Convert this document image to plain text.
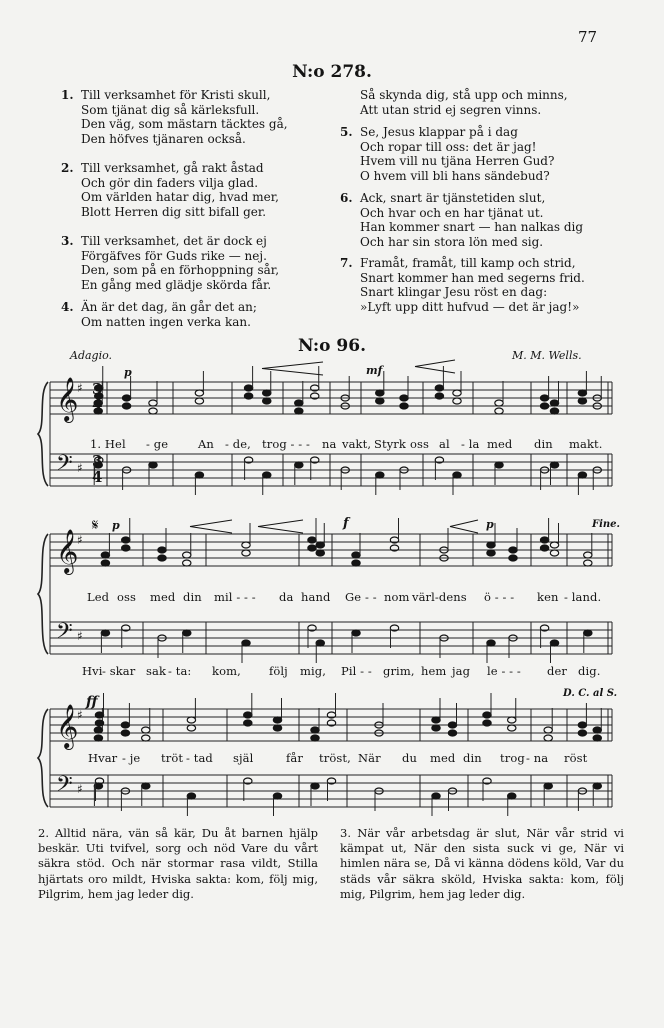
77
N:o 278.
1. Till verksamhet för Kristi skull,
Som tjänat dig så kärleksfull.
Den väg, som mästarn täcktes gå,
Den höfves tjänaren också.
2. Till verksamhet, gå rakt åstad
Och gör din faders vilja glad.
Om världen hatar dig, hvad mer,
Blott Herren dig sitt bifall ger.
3. Till verksamhet, det är dock ej
Förgäfves för Guds rike — nej.
Den, som på en förhoppning sår,
En gång med glädje skörda får.
4. Än är det dag, än går det an;
Om natten ingen verka kan.
Så skynda dig, stå upp och minns,
Att utan strid ej segren vinns.
5. Se, Jesus klappar på i dag
Och ropar till oss: det är jag!
Hvem vill nu tjäna Herren Gud?
O hvem vill bli hans sändebud?
6. Ack, snart är tjänstetiden slut,
Och hvar och en har tjänat ut.
Han kommer snart — han nalkas dig
Och har sin stora lön med sig.
7. Framåt, framåt, till kamp och strid,
Snart kommer han med segerns frid.
Snart klingar Jesu röst en dag:
»Lyft upp ditt hufvud — det är jag!»
N:o 96.
Adagio.	M. M. Wells.
p	mf
𝄋 p	f	p	Fine.
ff
D. C. al S.
𝄞
♯
𝄢 ♯
𝄞
♯
𝄢 ♯
𝄞
♯
𝄢 ♯
3
4
3
4
1. Hel - ge	An - de, trog - - - na vakt, Styrk oss al - la med din makt.
Led oss med din mil - - - da hand Ge - - nom värl-dens ö - - - ken - land.
Hvi - skar sak - ta: kom, följ mig, Pil - - grim, hem jag le - - - der dig.
Hvar - je tröt - tad själ	får tröst, När du med din trog - na röst
2. Alltid nära, vän så kär, Du åt barnen hjälp beskär. Uti tvifvel, sorg och nöd Vare du vårt säkra stöd. Och när stormar rasa vildt, Stilla hjärtats oro mildt, Hviska sakta: kom, följ mig, Pilgrim, hem jag leder dig.
3. När vår arbetsdag är slut, När vår strid vi kämpat ut, När den sista suck vi ge, När vi himlen nära se, Då vi känna dödens köld, Var du städs vår säkra sköld, Hviska sakta: kom, följ mig, Pilgrim, hem jag leder dig.
